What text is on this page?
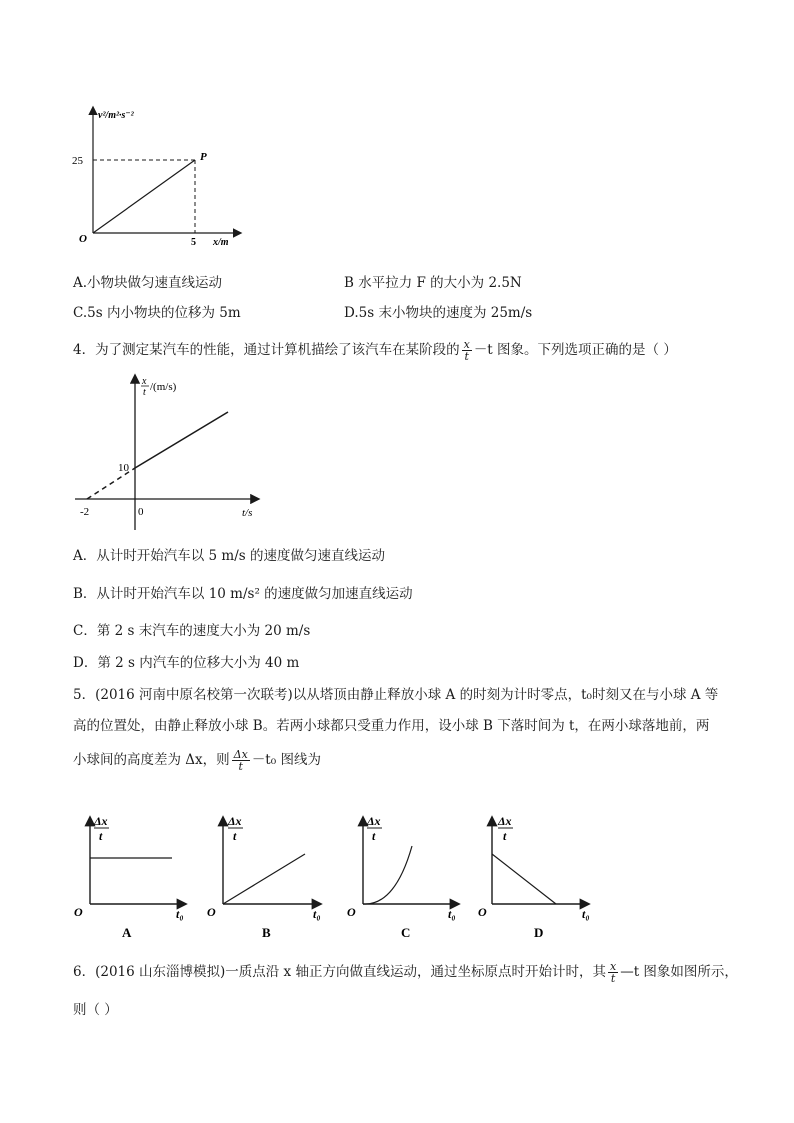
v²/m²·s⁻²
25	P
O	5 x/m
A.小物块做匀速直线运动	B 水平拉力 F 的大小为 2.5N
C.5s 内小物块的位移为 5m	D.5s 末小物块的速度为 25m/s
4．为了测定某汽车的性能，通过计算机描绘了该汽车在某阶段的 $\frac{x}{t} -t$ 图象。下列选项正确的是（ ）
x
t /(m/s)
10
-2	0	t/s
A．从计时开始汽车以 5 m/s 的速度做匀速直线运动
B．从计时开始汽车以 10 m/s² 的速度做匀加速直线运动
C．第 2 s 末汽车的速度大小为 20 m/s
D．第 2 s 内汽车的位移大小为 40 m
5．(2016 河南中原名校第一次联考)以从塔顶由静止释放小球 A 的时刻为计时零点，t₀时刻又在与小球 A 等
高的位置处，由静止释放小球 B。若两小球都只受重力作用，设小球 B 下落时间为 t，在两小球落地前，两
小球间的高度差为 Δx，则 $\frac{\Delta x}{t} -t_0$ 图线为
Δx
t
O	t₀
A
Δx
t
O	t₀
B
Δx
t
O	t₀
C
Δx
t
O	t₀
D
6．(2016 山东淄博模拟)一质点沿 x 轴正方向做直线运动，通过坐标原点时开始计时，其 $\frac{x}{t}$ —t 图象如图所示，
则（ ）
